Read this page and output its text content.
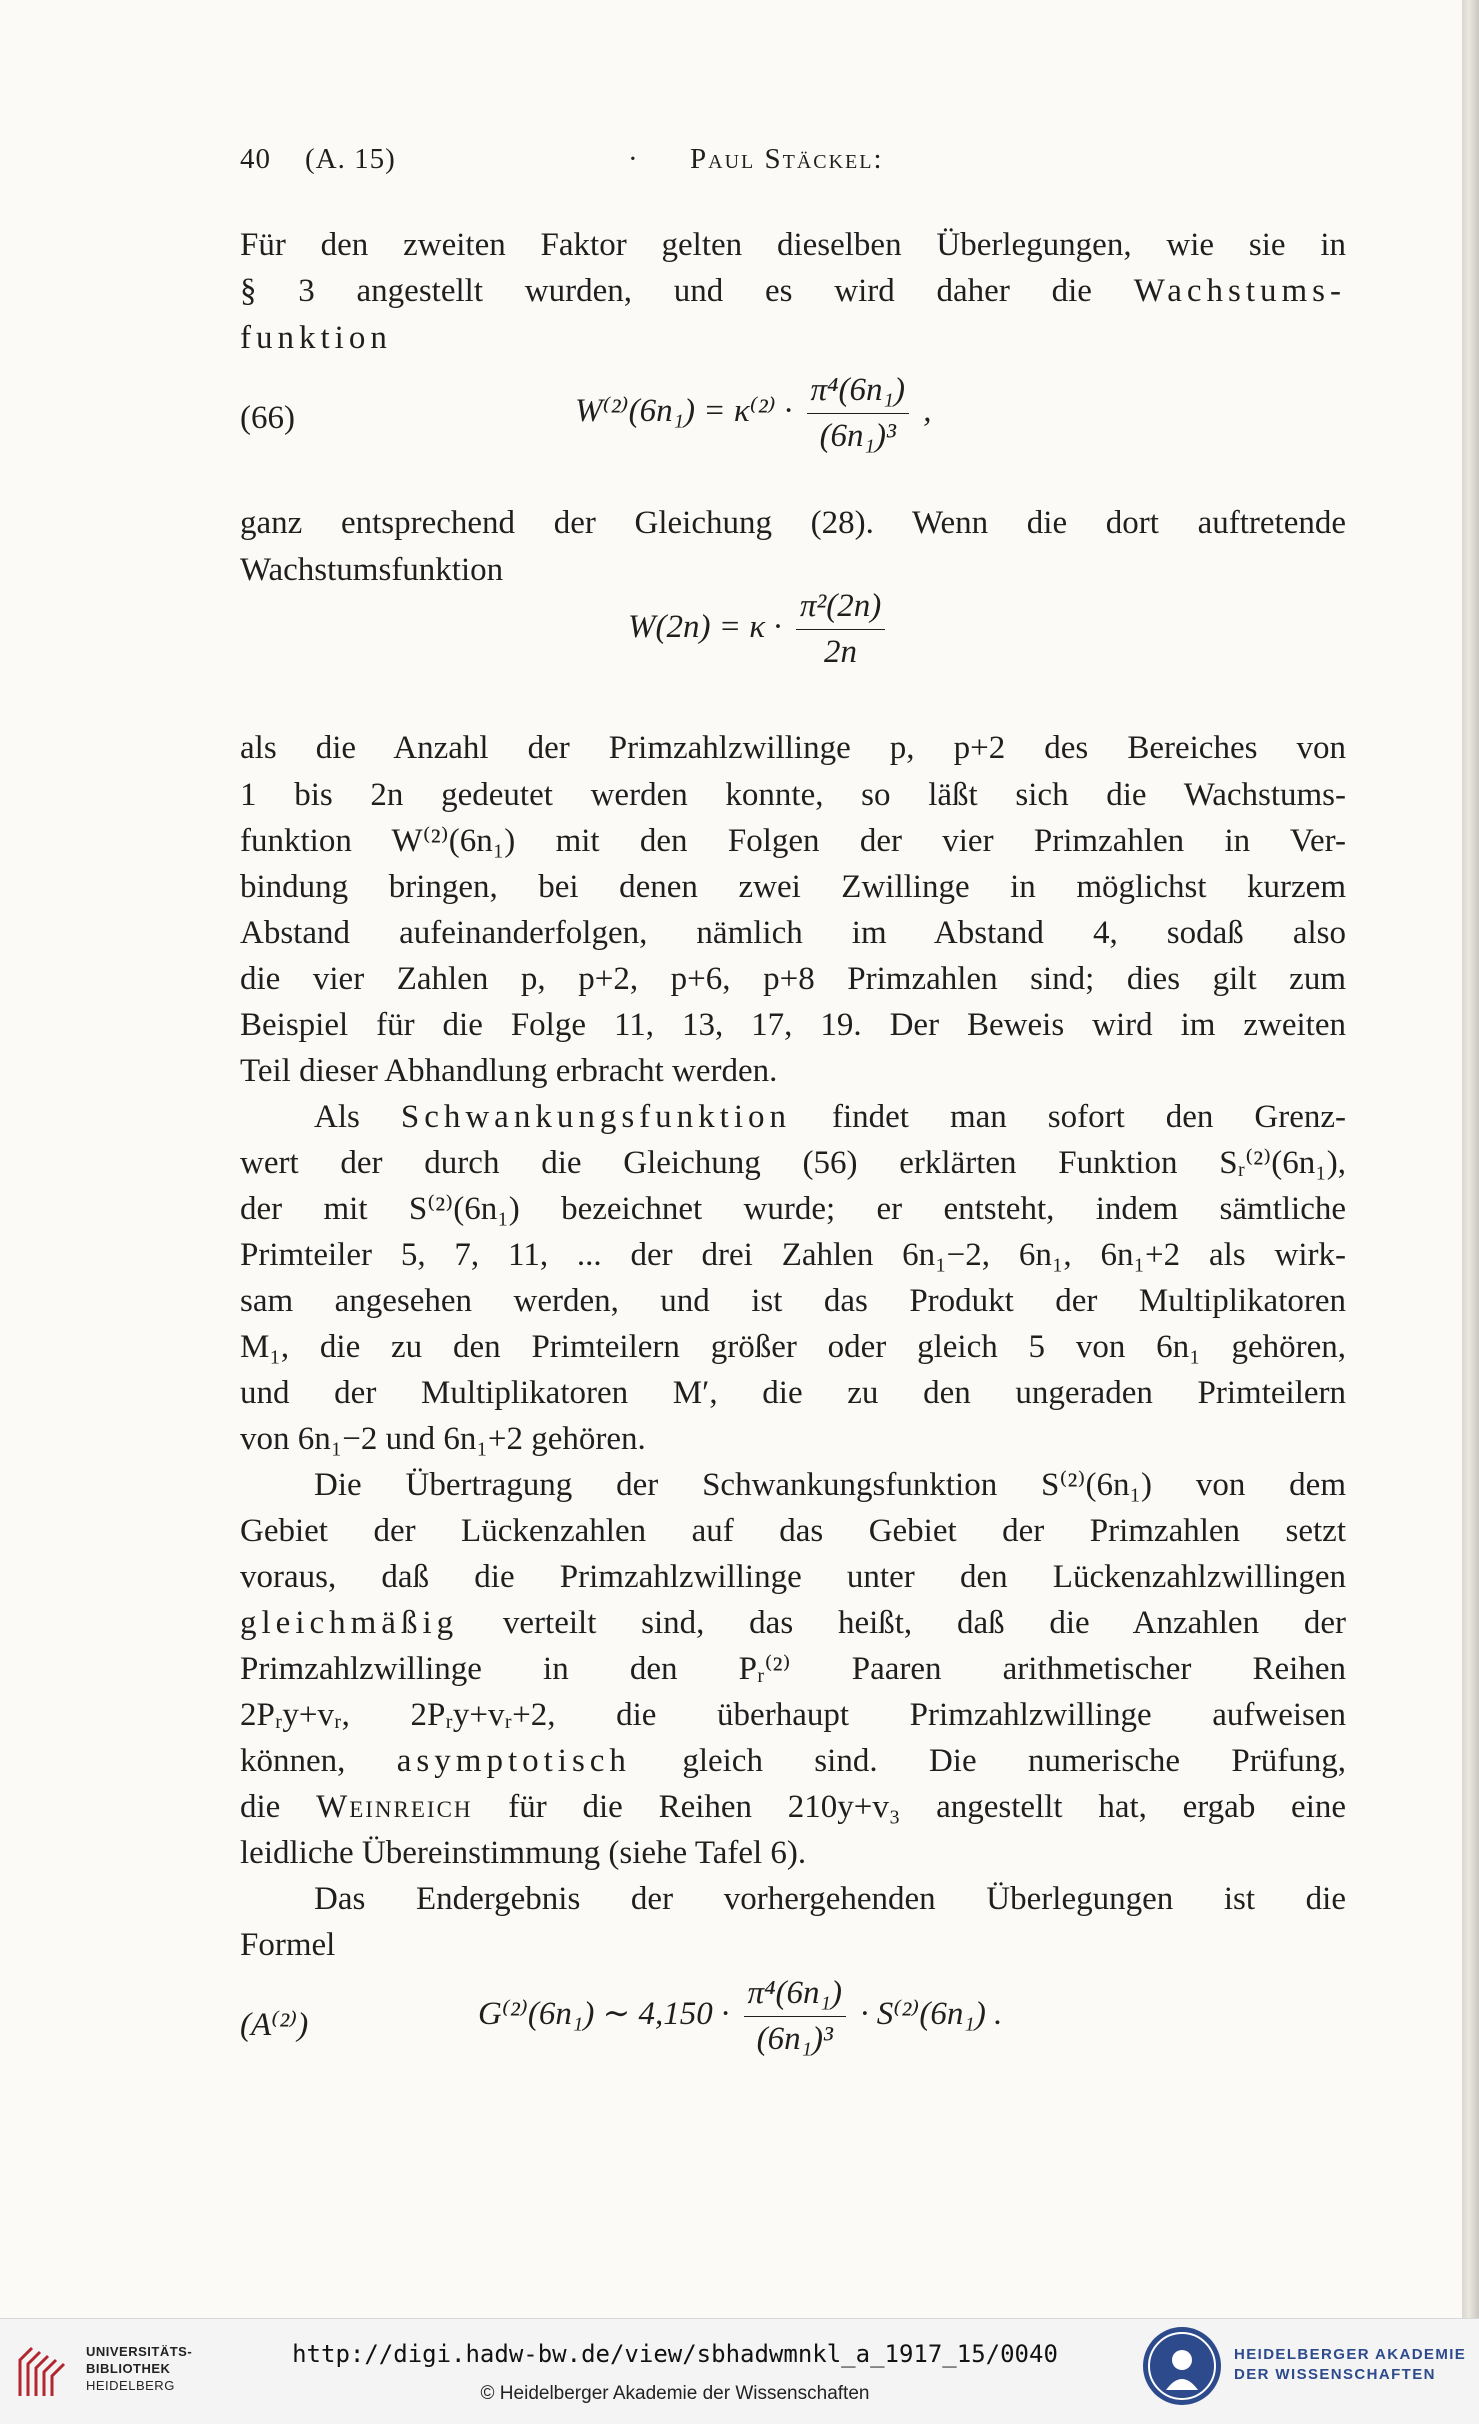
40 (A. 15)	· Paul Stäckel:
Für den zweiten Faktor gelten dieselben Überlegungen, wie sie in
§ 3 angestellt wurden, und es wird daher die Wachstums-
funktion
(66)	$W^{(2)}(6n_1) = \kappa^{(2)} \cdot \frac{\text{π⁴(6n₁)}}{\text{(6n₁)³}}$ ,
ganz entsprechend der Gleichung (28). Wenn die dort auftretende
Wachstumsfunktion
$W(2n) = \kappa \cdot \frac{\text{π²(2n)}}{2n}$
als die Anzahl der Primzahlzwillinge p, p+2 des Bereiches von
1 bis 2n gedeutet werden konnte, so läßt sich die Wachstums-
funktion W⁽²⁾(6n₁) mit den Folgen der vier Primzahlen in Ver-
bindung bringen, bei denen zwei Zwillinge in möglichst kurzem
Abstand aufeinanderfolgen, nämlich im Abstand 4, sodaß also
die vier Zahlen p, p+2, p+6, p+8 Primzahlen sind; dies gilt zum
Beispiel für die Folge 11, 13, 17, 19. Der Beweis wird im zweiten
Teil dieser Abhandlung erbracht werden.
Als Schwankungsfunktion findet man sofort den Grenz-
wert der durch die Gleichung (56) erklärten Funktion Sᵣ⁽²⁾(6n₁),
der mit S⁽²⁾(6n₁) bezeichnet wurde; er entsteht, indem sämtliche
Primteiler 5, 7, 11, ... der drei Zahlen 6n₁−2, 6n₁, 6n₁+2 als wirk-
sam angesehen werden, und ist das Produkt der Multiplikatoren
M₁, die zu den Primteilern größer oder gleich 5 von 6n₁ gehören,
und der Multiplikatoren M′, die zu den ungeraden Primteilern
von 6n₁−2 und 6n₁+2 gehören.
Die Übertragung der Schwankungsfunktion S⁽²⁾(6n₁) von dem
Gebiet der Lückenzahlen auf das Gebiet der Primzahlen setzt
voraus, daß die Primzahlzwillinge unter den Lückenzahlzwillingen
gleichmäßig verteilt sind, das heißt, daß die Anzahlen der
Primzahlzwillinge in den Pᵣ⁽²⁾ Paaren arithmetischer Reihen
2Pᵣy+vᵣ, 2Pᵣy+vᵣ+2, die überhaupt Primzahlzwillinge aufweisen
können, asymptotisch gleich sind. Die numerische Prüfung,
die Weinreich für die Reihen 210y+v₃ angestellt hat, ergab eine
leidliche Übereinstimmung (siehe Tafel 6).
Das Endergebnis der vorhergehenden Überlegungen ist die
Formel
(A⁽²⁾)	G⁽²⁾(6n₁) ∼ $4,150 \cdot \frac{\text{π⁴(6n₁)}}{\text{(6n₁)³}} \cdot S^{(2)}(6n_1)$ .
UNIVERSITÄTS-
BIBLIOTHEK
HEIDELBERG
http://digi.hadw-bw.de/view/sbhadwmnkl_a_1917_15/0040
© Heidelberger Akademie der Wissenschaften
HEIDELBERGER AKADEMIE
DER WISSENSCHAFTEN
